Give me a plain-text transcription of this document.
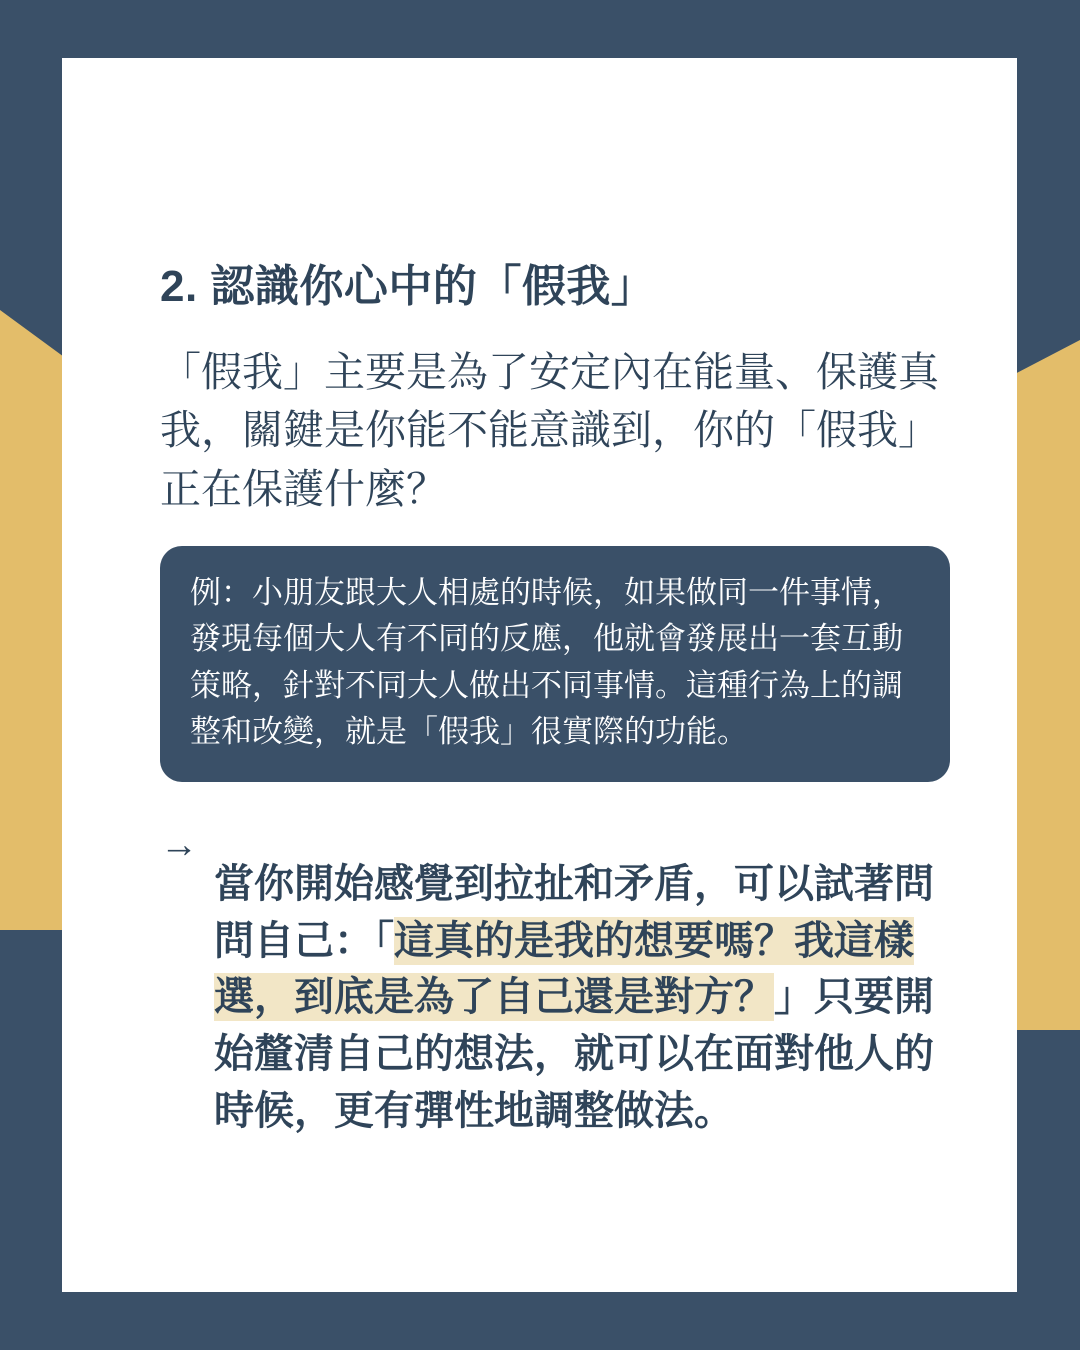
2. 認識你心中的「假我」

「假我」主要是為了安定內在能量、保護真我，關鍵是你能不能意識到，你的「假我」正在保護什麼？

例：小朋友跟大人相處的時候，如果做同一件事情，發現每個大人有不同的反應，他就會發展出一套互動策略，針對不同大人做出不同事情。這種行為上的調整和改變，就是「假我」很實際的功能。
→

當你開始感覺到拉扯和矛盾，可以試著問問自己：「這真的是我的想要嗎？我這樣選，到底是為了自己還是對方？」只要開始釐清自己的想法，就可以在面對他人的時候，更有彈性地調整做法。
